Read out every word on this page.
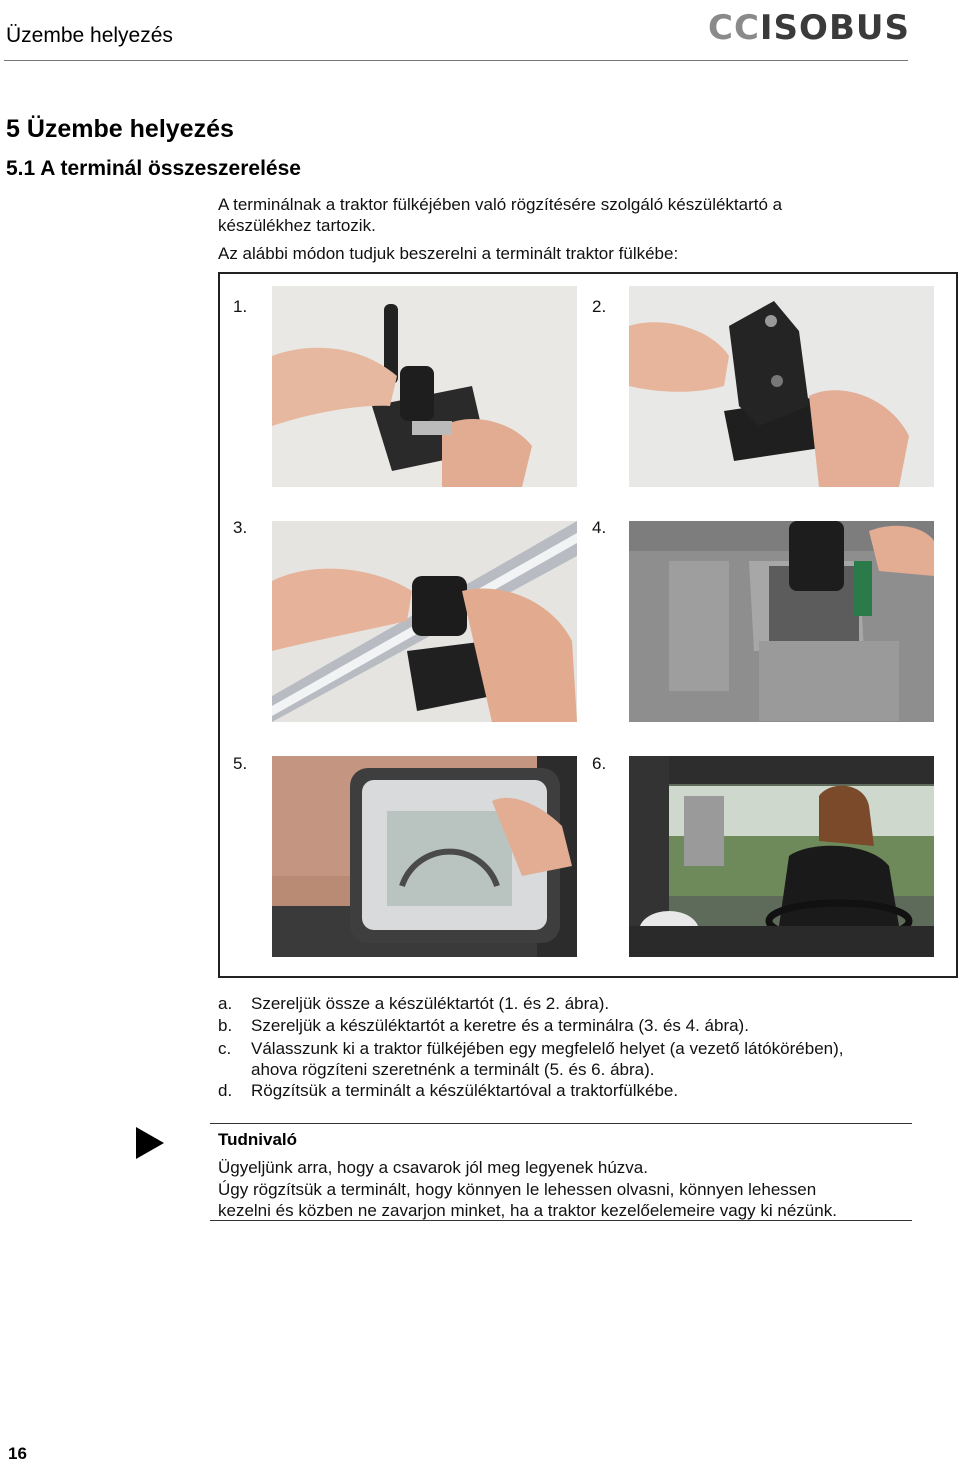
Üzembe helyezés	CCISOBUS
5 Üzembe helyezés
5.1 A terminál összeszerelése
A terminálnak a traktor fülkéjében való rögzítésére szolgáló készüléktartó a
készülékhez tartozik.
Az alábbi módon tudjuk beszerelni a terminált traktor fülkébe:
1.	2.
3.	4.
5.	6.
a. Szereljük össze a készüléktartót (1. és 2. ábra).
b. Szereljük a készüléktartót a keretre és a terminálra (3. és 4. ábra).
c. Válasszunk ki a traktor fülkéjében egy megfelelő helyet (a vezető látókörében),
ahova rögzíteni szeretnénk a terminált (5. és 6. ábra).
d. Rögzítsük a terminált a készüléktartóval a traktorfülkébe.
Tudnivaló
Ügyeljünk arra, hogy a csavarok jól meg legyenek húzva.
Úgy rögzítsük a terminált, hogy könnyen le lehessen olvasni, könnyen lehessen
kezelni és közben ne zavarjon minket, ha a traktor kezelőelemeire vagy ki nézünk.
16
